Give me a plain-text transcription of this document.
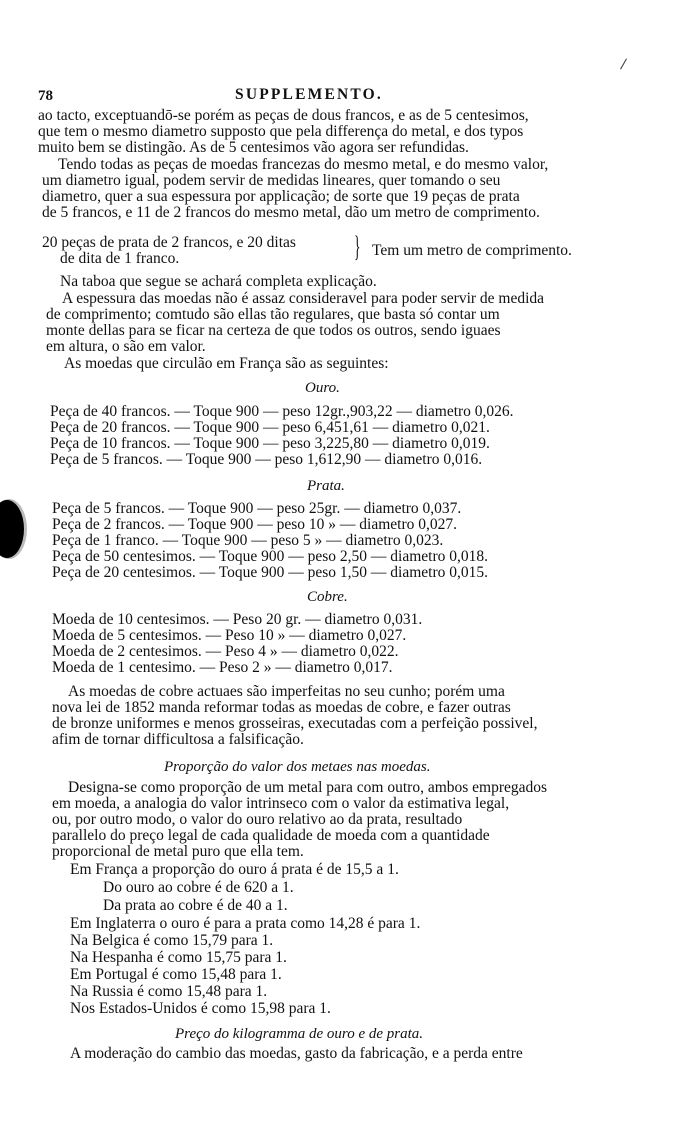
78	SUPPLEMENTO.
ao tacto, exceptuandō-se porém as peças de dous francos, e as de 5 centesimos,
que tem o mesmo diametro supposto que pela differença do metal, e dos typos
muito bem se distingão. As de 5 centesimos vão agora ser refundidas.
Tendo todas as peças de moedas francezas do mesmo metal, e do mesmo valor,
um diametro igual, podem servir de medidas lineares, quer tomando o seu
diametro, quer a sua espessura por applicação; de sorte que 19 peças de prata
de 5 francos, e 11 de 2 francos do mesmo metal, dão um metro de comprimento.
20 peças de prata de 2 francos, e 20 ditas
de dita de 1 franco.	} Tem um metro de comprimento.
Na taboa que segue se achará completa explicação.
A espessura das moedas não é assaz consideravel para poder servir de medida
de comprimento; comtudo são ellas tão regulares, que basta só contar um
monte dellas para se ficar na certeza de que todos os outros, sendo iguaes
em altura, o são em valor.
As moedas que circulão em França são as seguintes:
Ouro.
Peça de 40 francos. — Toque 900 — peso 12gr.,903,22 — diametro 0,026.
Peça de 20 francos. — Toque 900 — peso 6,451,61 — diametro 0,021.
Peça de 10 francos. — Toque 900 — peso 3,225,80 — diametro 0,019.
Peça de 5 francos. — Toque 900 — peso 1,612,90 — diametro 0,016.
Prata.
Peça de 5 francos. — Toque 900 — peso 25gr. — diametro 0,037.
Peça de 2 francos. — Toque 900 — peso 10 » — diametro 0,027.
Peça de 1 franco. — Toque 900 — peso 5 » — diametro 0,023.
Peça de 50 centesimos. — Toque 900 — peso 2,50 — diametro 0,018.
Peça de 20 centesimos. — Toque 900 — peso 1,50 — diametro 0,015.
Cobre.
Moeda de 10 centesimos. — Peso 20 gr. — diametro 0,031.
Moeda de 5 centesimos. — Peso 10 » — diametro 0,027.
Moeda de 2 centesimos. — Peso 4 » — diametro 0,022.
Moeda de 1 centesimo. — Peso 2 » — diametro 0,017.
As moedas de cobre actuaes são imperfeitas no seu cunho; porém uma
nova lei de 1852 manda reformar todas as moedas de cobre, e fazer outras
de bronze uniformes e menos grosseiras, executadas com a perfeição possivel,
afim de tornar difficultosa a falsificação.
Proporção do valor dos metaes nas moedas.
Designa-se como proporção de um metal para com outro, ambos empregados
em moeda, a analogia do valor intrinseco com o valor da estimativa legal,
ou, por outro modo, o valor do ouro relativo ao da prata, resultado
parallelo do preço legal de cada qualidade de moeda com a quantidade
proporcional de metal puro que ella tem.
Em França a proporção do ouro á prata é de 15,5 a 1.
Do ouro ao cobre é de 620 a 1.
Da prata ao cobre é de 40 a 1.
Em Inglaterra o ouro é para a prata como 14,28 é para 1.
Na Belgica é como 15,79 para 1.
Na Hespanha é como 15,75 para 1.
Em Portugal é como 15,48 para 1.
Na Russia é como 15,48 para 1.
Nos Estados-Unidos é como 15,98 para 1.
Preço do kilogramma de ouro e de prata.
A moderação do cambio das moedas, gasto da fabricação, e a perda entre
